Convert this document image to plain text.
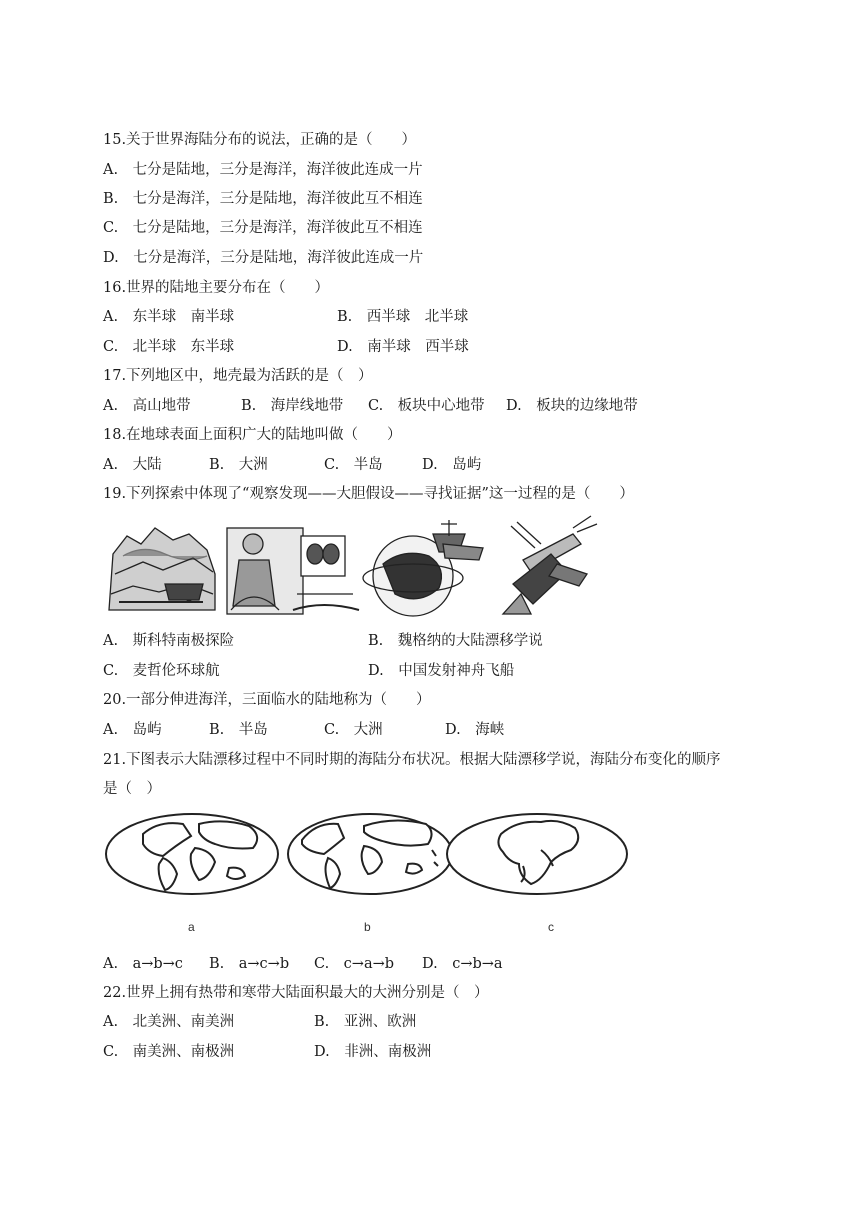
15.关于世界海陆分布的说法，正确的是（　　）
A.　七分是陆地，三分是海洋，海洋彼此连成一片
B.　七分是海洋，三分是陆地，海洋彼此互不相连
C.　七分是陆地，三分是海洋，海洋彼此互不相连
D.　七分是海洋，三分是陆地，海洋彼此连成一片
16.世界的陆地主要分布在（　　）
A.　东半球　南半球	B.　西半球　北半球
C.　北半球　东半球	D.　南半球　西半球
17.下列地区中，地壳最为活跃的是（　）
A.　高山地带	B.　海岸线地带 C.　板块中心地带 D.　板块的边缘地带
18.在地球表面上面积广大的陆地叫做（　　）
A.　大陆	B.　大洲	C.　半岛	D.　岛屿
19.下列探索中体现了“观察发现——大胆假设——寻找证据”这一过程的是（　　）
A.　斯科特南极探险	B.　魏格纳的大陆漂移学说
C.　麦哲伦环球航	D.　中国发射神舟飞船
20.一部分伸进海洋，三面临水的陆地称为（　　）
A.　岛屿	B.　半岛	C.　大洲	D.　海峡
21.下图表示大陆漂移过程中不同时期的海陆分布状况。根据大陆漂移学说，海陆分布变化的顺序
是（　）
a	b	c
A.　a→b→c B.　a→c→b C.　c→a→b D.　c→b→a
22.世界上拥有热带和寒带大陆面积最大的大洲分别是（　）
A.　北美洲、南美洲	B.　亚洲、欧洲
C.　南美洲、南极洲	D.　非洲、南极洲
